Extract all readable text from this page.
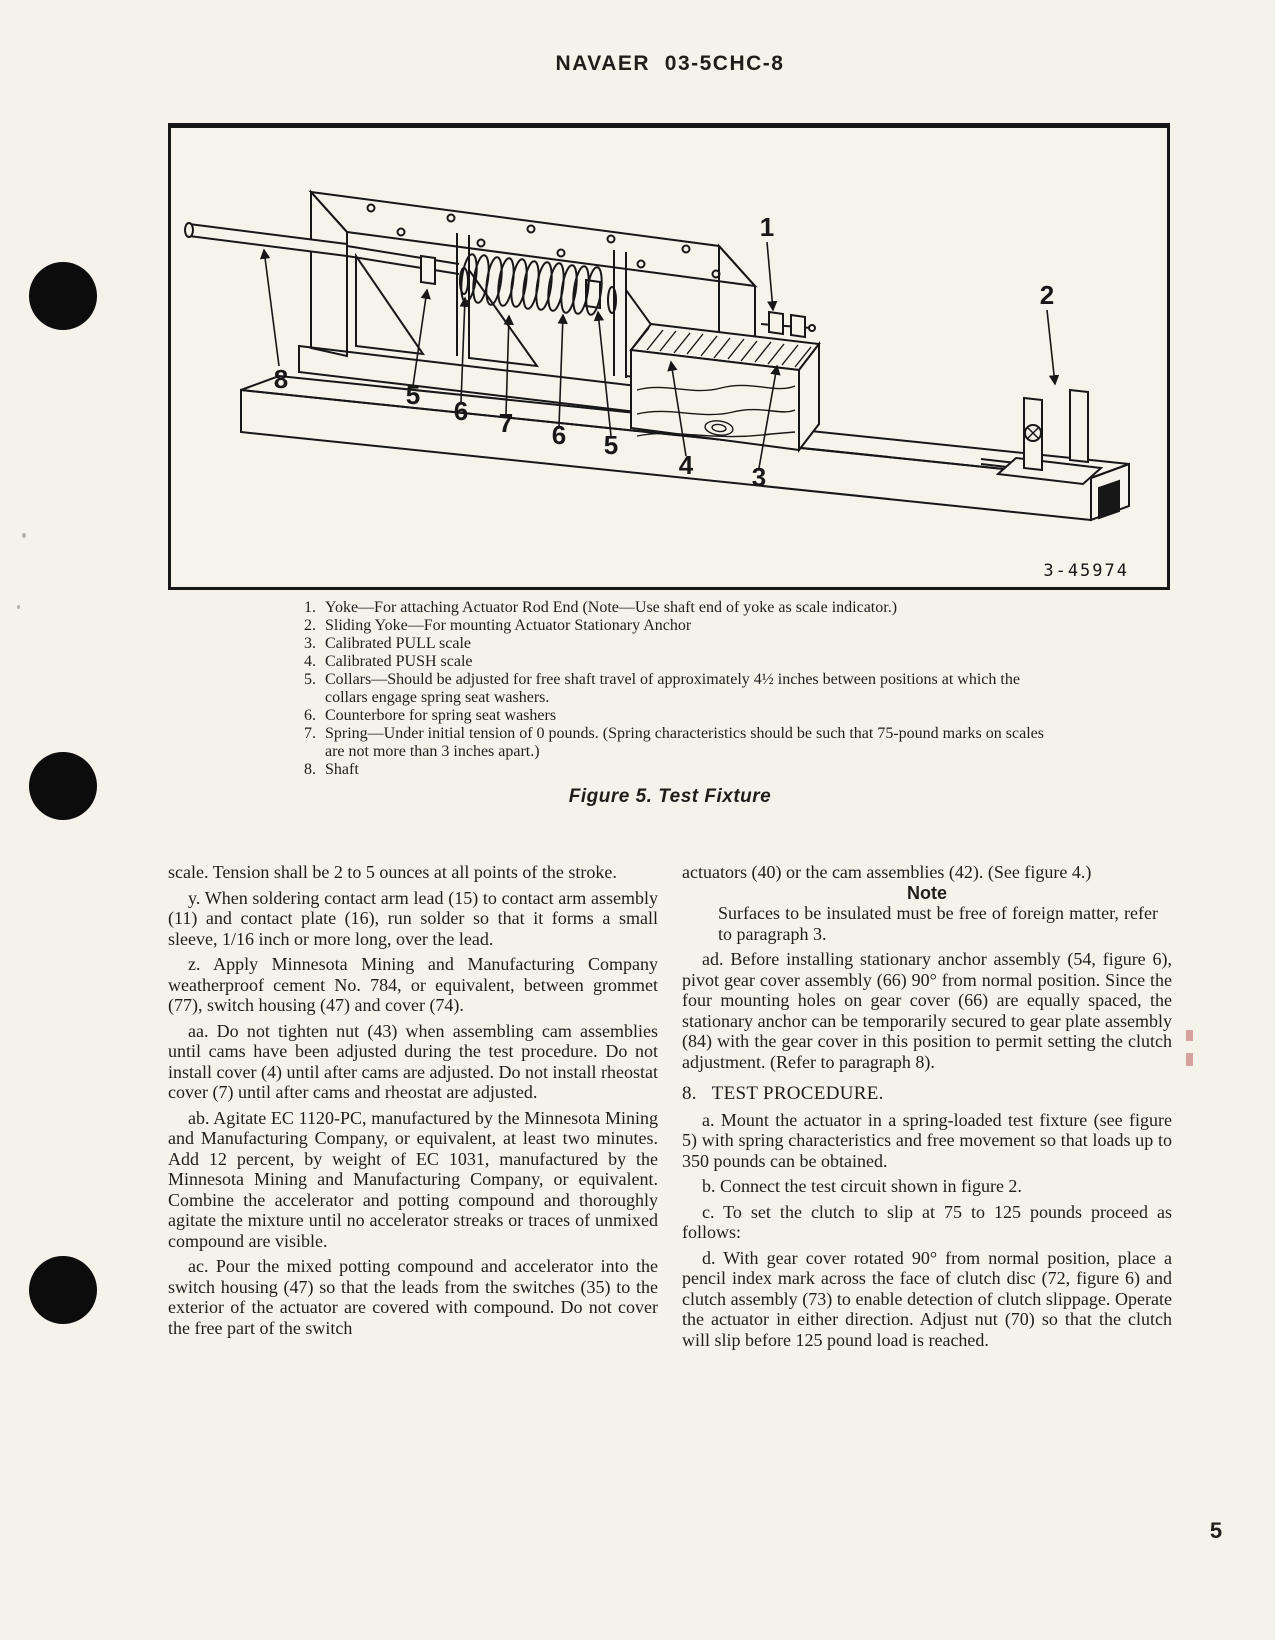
NAVAER  03-5CHC-8
8
5
6 7 6 5
4 3
1
2
3-45974
1. Yoke—For attaching Actuator Rod End (Note—Use shaft end of yoke as scale indicator.)
2. Sliding Yoke—For mounting Actuator Stationary Anchor
3. Calibrated PULL scale
4. Calibrated PUSH scale
5. Collars—Should be adjusted for free shaft travel of approximately 4½ inches between positions at which the collars engage spring seat washers.
6. Counterbore for spring seat washers
7. Spring—Under initial tension of 0 pounds. (Spring characteristics should be such that 75-pound marks on scales are not more than 3 inches apart.)
8. Shaft
Figure 5. Test Fixture

scale. Tension shall be 2 to 5 ounces at all points of the stroke.

y. When soldering contact arm lead (15) to contact arm assembly (11) and contact plate (16), run solder so that it forms a small sleeve, 1/16 inch or more long, over the lead.

z. Apply Minnesota Mining and Manufacturing Company weatherproof cement No. 784, or equivalent, between grommet (77), switch housing (47) and cover (74).

aa. Do not tighten nut (43) when assembling cam assemblies until cams have been adjusted during the test procedure. Do not install cover (4) until after cams are adjusted. Do not install rheostat cover (7) until after cams and rheostat are adjusted.

ab. Agitate EC 1120-PC, manufactured by the Minnesota Mining and Manufacturing Company, or equivalent, at least two minutes. Add 12 percent, by weight of EC 1031, manufactured by the Minnesota Mining and Manufacturing Company, or equivalent. Combine the accelerator and potting compound and thoroughly agitate the mixture until no accelerator streaks or traces of unmixed compound are visible.

ac. Pour the mixed potting compound and accelerator into the switch housing (47) so that the leads from the switches (35) to the exterior of the actuator are covered with compound. Do not cover the free part of the switch

actuators (40) or the cam assemblies (42). (See figure 4.)

Note

Surfaces to be insulated must be free of foreign matter, refer to paragraph 3.

ad. Before installing stationary anchor assembly (54, figure 6), pivot gear cover assembly (66) 90° from normal position. Since the four mounting holes on gear cover (66) are equally spaced, the stationary anchor can be temporarily secured to gear plate assembly (84) with the gear cover in this position to permit setting the clutch adjustment. (Refer to paragraph 8).

8.   TEST PROCEDURE.

a. Mount the actuator in a spring-loaded test fixture (see figure 5) with spring characteristics and free movement so that loads up to 350 pounds can be obtained.

b. Connect the test circuit shown in figure 2.

c. To set the clutch to slip at 75 to 125 pounds proceed as follows:

d. With gear cover rotated 90° from normal position, place a pencil index mark across the face of clutch disc (72, figure 6) and clutch assembly (73) to enable detection of clutch slippage. Operate the actuator in either direction. Adjust nut (70) so that the clutch will slip before 125 pound load is reached.

5
